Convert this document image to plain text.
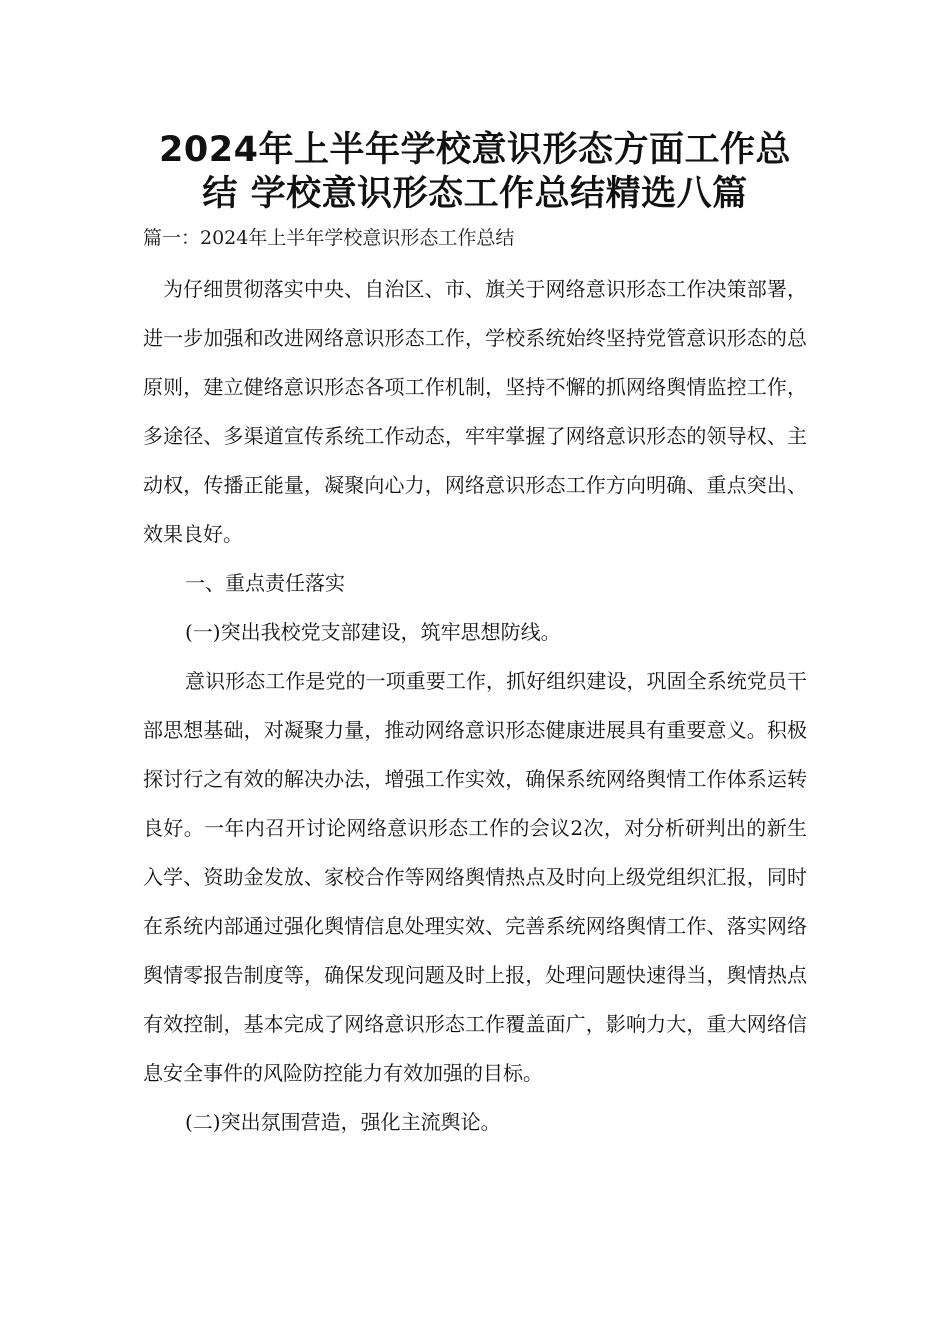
2024年上半年学校意识形态方面工作总
结 学校意识形态工作总结精选八篇

篇一：2024年上半年学校意识形态工作总结

为仔细贯彻落实中央、自治区、市、旗关于网络意识形态工作决策部署，进一步加强和改进网络意识形态工作，学校系统始终坚持党管意识形态的总原则，建立健络意识形态各项工作机制，坚持不懈的抓网络舆情监控工作，多途径、多渠道宣传系统工作动态，牢牢掌握了网络意识形态的领导权、主动权，传播正能量，凝聚向心力，网络意识形态工作方向明确、重点突出、效果良好。

一、重点责任落实

(一)突出我校党支部建设，筑牢思想防线。

意识形态工作是党的一项重要工作，抓好组织建设，巩固全系统党员干部思想基础，对凝聚力量，推动网络意识形态健康进展具有重要意义。积极探讨行之有效的解决办法，增强工作实效，确保系统网络舆情工作体系运转良好。一年内召开讨论网络意识形态工作的会议2次，对分析研判出的新生入学、资助金发放、家校合作等网络舆情热点及时向上级党组织汇报，同时在系统内部通过强化舆情信息处理实效、完善系统网络舆情工作、落实网络舆情零报告制度等，确保发现问题及时上报，处理问题快速得当，舆情热点有效控制，基本完成了网络意识形态工作覆盖面广，影响力大，重大网络信息安全事件的风险防控能力有效加强的目标。

(二)突出氛围营造，强化主流舆论。
